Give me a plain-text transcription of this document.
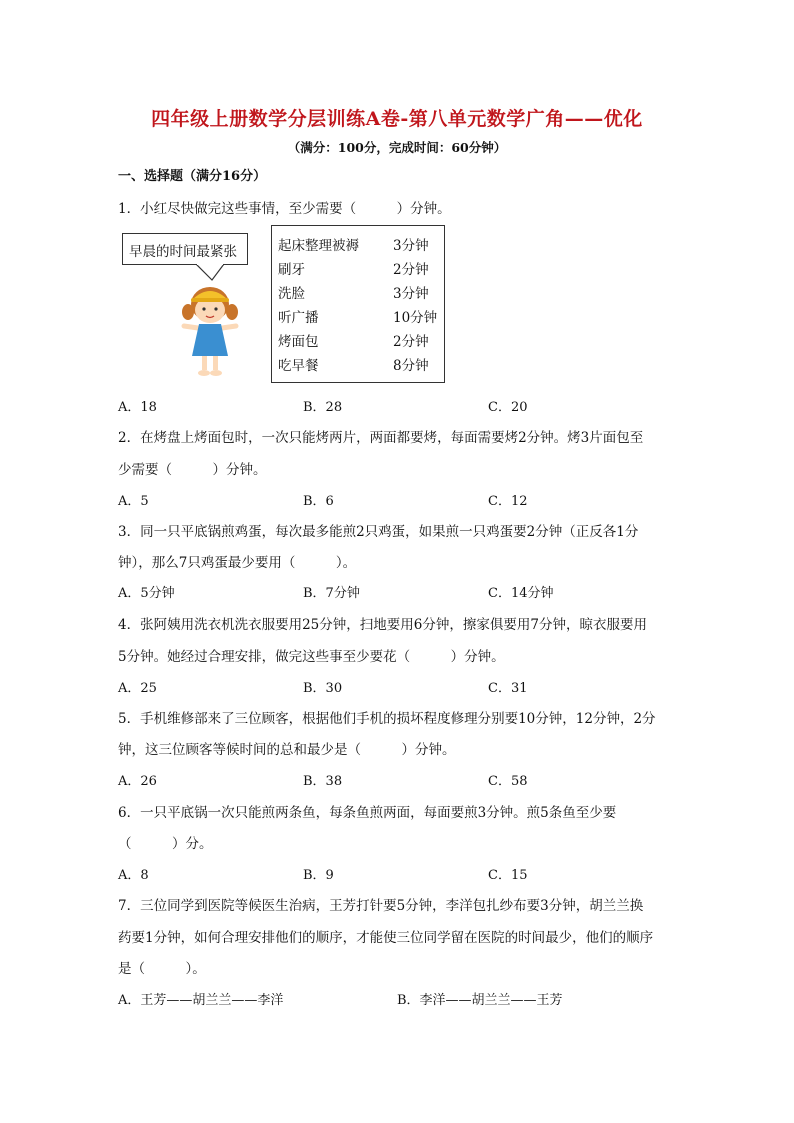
四年级上册数学分层训练A卷-第八单元数学广角——优化
（满分：100分，完成时间：60分钟）
一、选择题（满分16分）
1．小红尽快做完这些事情，至少需要（　　　）分钟。
早晨的时间最紧张	起床整理被褥	3分钟
刷牙	2分钟
洗脸	3分钟
听广播	10分钟
烤面包	2分钟
吃早餐	8分钟
A．18	B．28	C．20
2．在烤盘上烤面包时，一次只能烤两片，两面都要烤，每面需要烤2分钟。烤3片面包至
少需要（　　　）分钟。
A．5	B．6	C．12
3．同一只平底锅煎鸡蛋，每次最多能煎2只鸡蛋，如果煎一只鸡蛋要2分钟（正反各1分
钟），那么7只鸡蛋最少要用（　　　）。
A．5分钟	B．7分钟	C．14分钟
4．张阿姨用洗衣机洗衣服要用25分钟，扫地要用6分钟，擦家俱要用7分钟，晾衣服要用
5分钟。她经过合理安排，做完这些事至少要花（　　　）分钟。
A．25	B．30	C．31
5．手机维修部来了三位顾客，根据他们手机的损坏程度修理分别要10分钟，12分钟，2分
钟，这三位顾客等候时间的总和最少是（　　　）分钟。
A．26	B．38	C．58
6．一只平底锅一次只能煎两条鱼，每条鱼煎两面，每面要煎3分钟。煎5条鱼至少要
（　　　）分。
A．8	B．9	C．15
7．三位同学到医院等候医生治病，王芳打针要5分钟，李洋包扎纱布要3分钟，胡兰兰换
药要1分钟，如何合理安排他们的顺序，才能使三位同学留在医院的时间最少，他们的顺序
是（　　　）。
A．王芳——胡兰兰——李洋	B．李洋——胡兰兰——王芳
